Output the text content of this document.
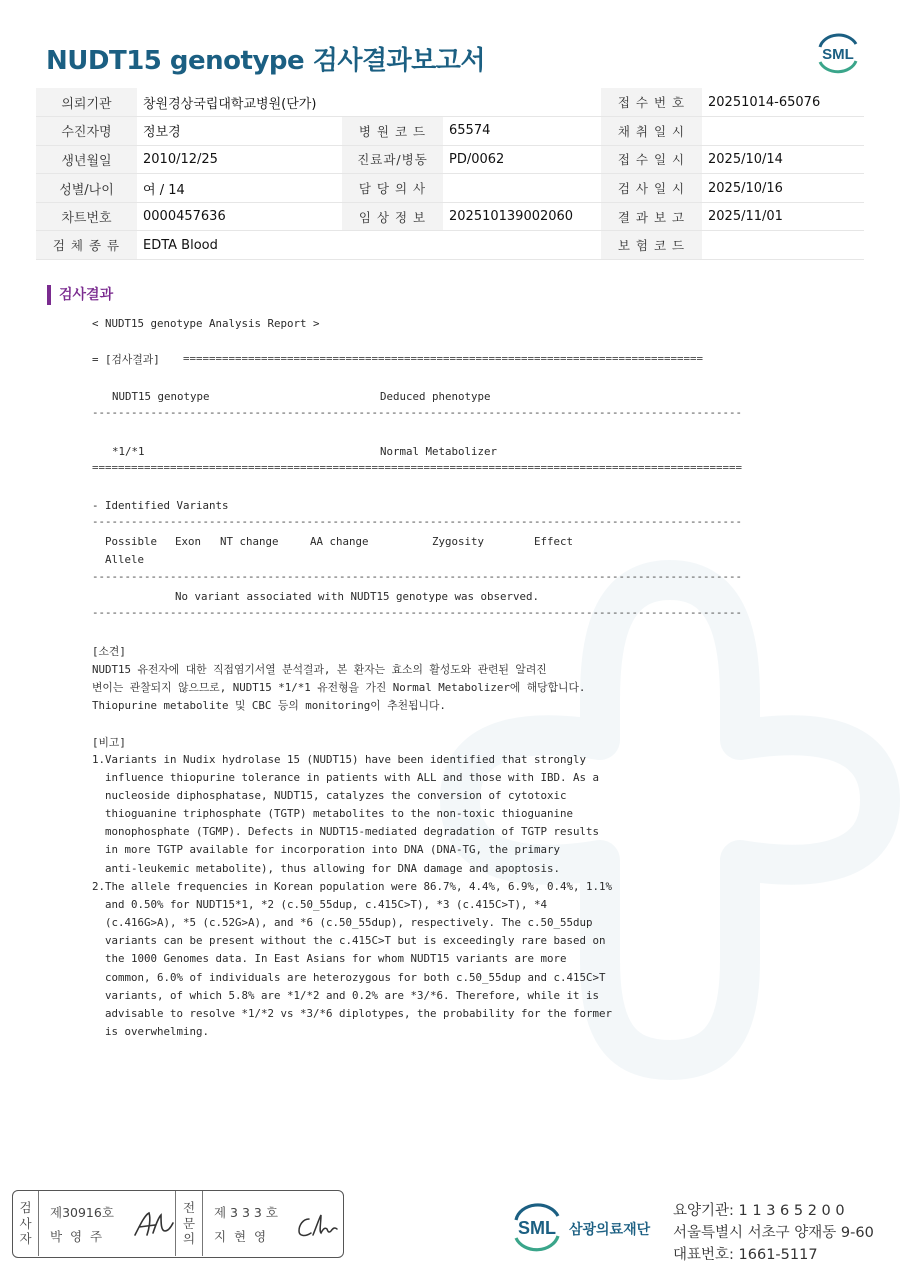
NUDT15 genotype 검사결과보고서	SML
의뢰기관	창원경상국립대학교병원(단가)			접 수 번 호	20251014-65076
수진자명	정보경	병 원 코 드	65574	채 취 일 시	
생년월일	2010/12/25	진료과/병동	PD/0062	접 수 일 시	2025/10/14
성별/나이	여 / 14	담 당 의 사		검 사 일 시	2025/10/16
차트번호	0000457636	임 상 정 보	202510139002060	결 과 보 고	2025/11/01
검 체 종 류	EDTA Blood			보 험 코 드	
검사결과
< NUDT15 genotype Analysis Report >
= [검사결과] ================================================================================
NUDT15 genotype	Deduced phenotype
----------------------------------------------------------------------------------------------------
*1/*1	Normal Metabolizer
====================================================================================================
- Identified Variants
----------------------------------------------------------------------------------------------------
Possible
Allele
Exon NT change	AA change	Zygosity	Effect
----------------------------------------------------------------------------------------------------
No variant associated with NUDT15 genotype was observed.
----------------------------------------------------------------------------------------------------
[소견]
NUDT15 유전자에 대한 직접염기서열 분석결과, 본 환자는 효소의 활성도와 관련된 알려진
변이는 관찰되지 않으므로, NUDT15 *1/*1 유전형을 가진 Normal Metabolizer에 해당합니다.
Thiopurine metabolite 및 CBC 등의 monitoring이 추천됩니다.
[비고]
1.Variants in Nudix hydrolase 15 (NUDT15) have been identified that strongly
influence thiopurine tolerance in patients with ALL and those with IBD. As a
nucleoside diphosphatase, NUDT15, catalyzes the conversion of cytotoxic
thioguanine triphosphate (TGTP) metabolites to the non-toxic thioguanine
monophosphate (TGMP). Defects in NUDT15-mediated degradation of TGTP results
in more TGTP available for incorporation into DNA (DNA-TG, the primary
anti-leukemic metabolite), thus allowing for DNA damage and apoptosis.
2.The allele frequencies in Korean population were 86.7%, 4.4%, 6.9%, 0.4%, 1.1%
and 0.50% for NUDT15*1, *2 (c.50_55dup, c.415C>T), *3 (c.415C>T), *4
(c.416G>A), *5 (c.52G>A), and *6 (c.50_55dup), respectively. The c.50_55dup
variants can be present without the c.415C>T but is exceedingly rare based on
the 1000 Genomes data. In East Asians for whom NUDT15 variants are more
common, 6.0% of individuals are heterozygous for both c.50_55dup and c.415C>T
variants, of which 5.8% are *1/*2 and 0.2% are *3/*6. Therefore, while it is
advisable to resolve *1/*2 vs *3/*6 diplotypes, the probability for the former
is overwhelming.
검 사 자
제30916호
박  영  주
전 문 의
제 3 3 3 호
지  현  영	SML 삼광의료재단
요양기관: 1 1 3 6 5 2 0 0
서울특별시 서초구 양재동 9-60
대표번호: 1661-5117
